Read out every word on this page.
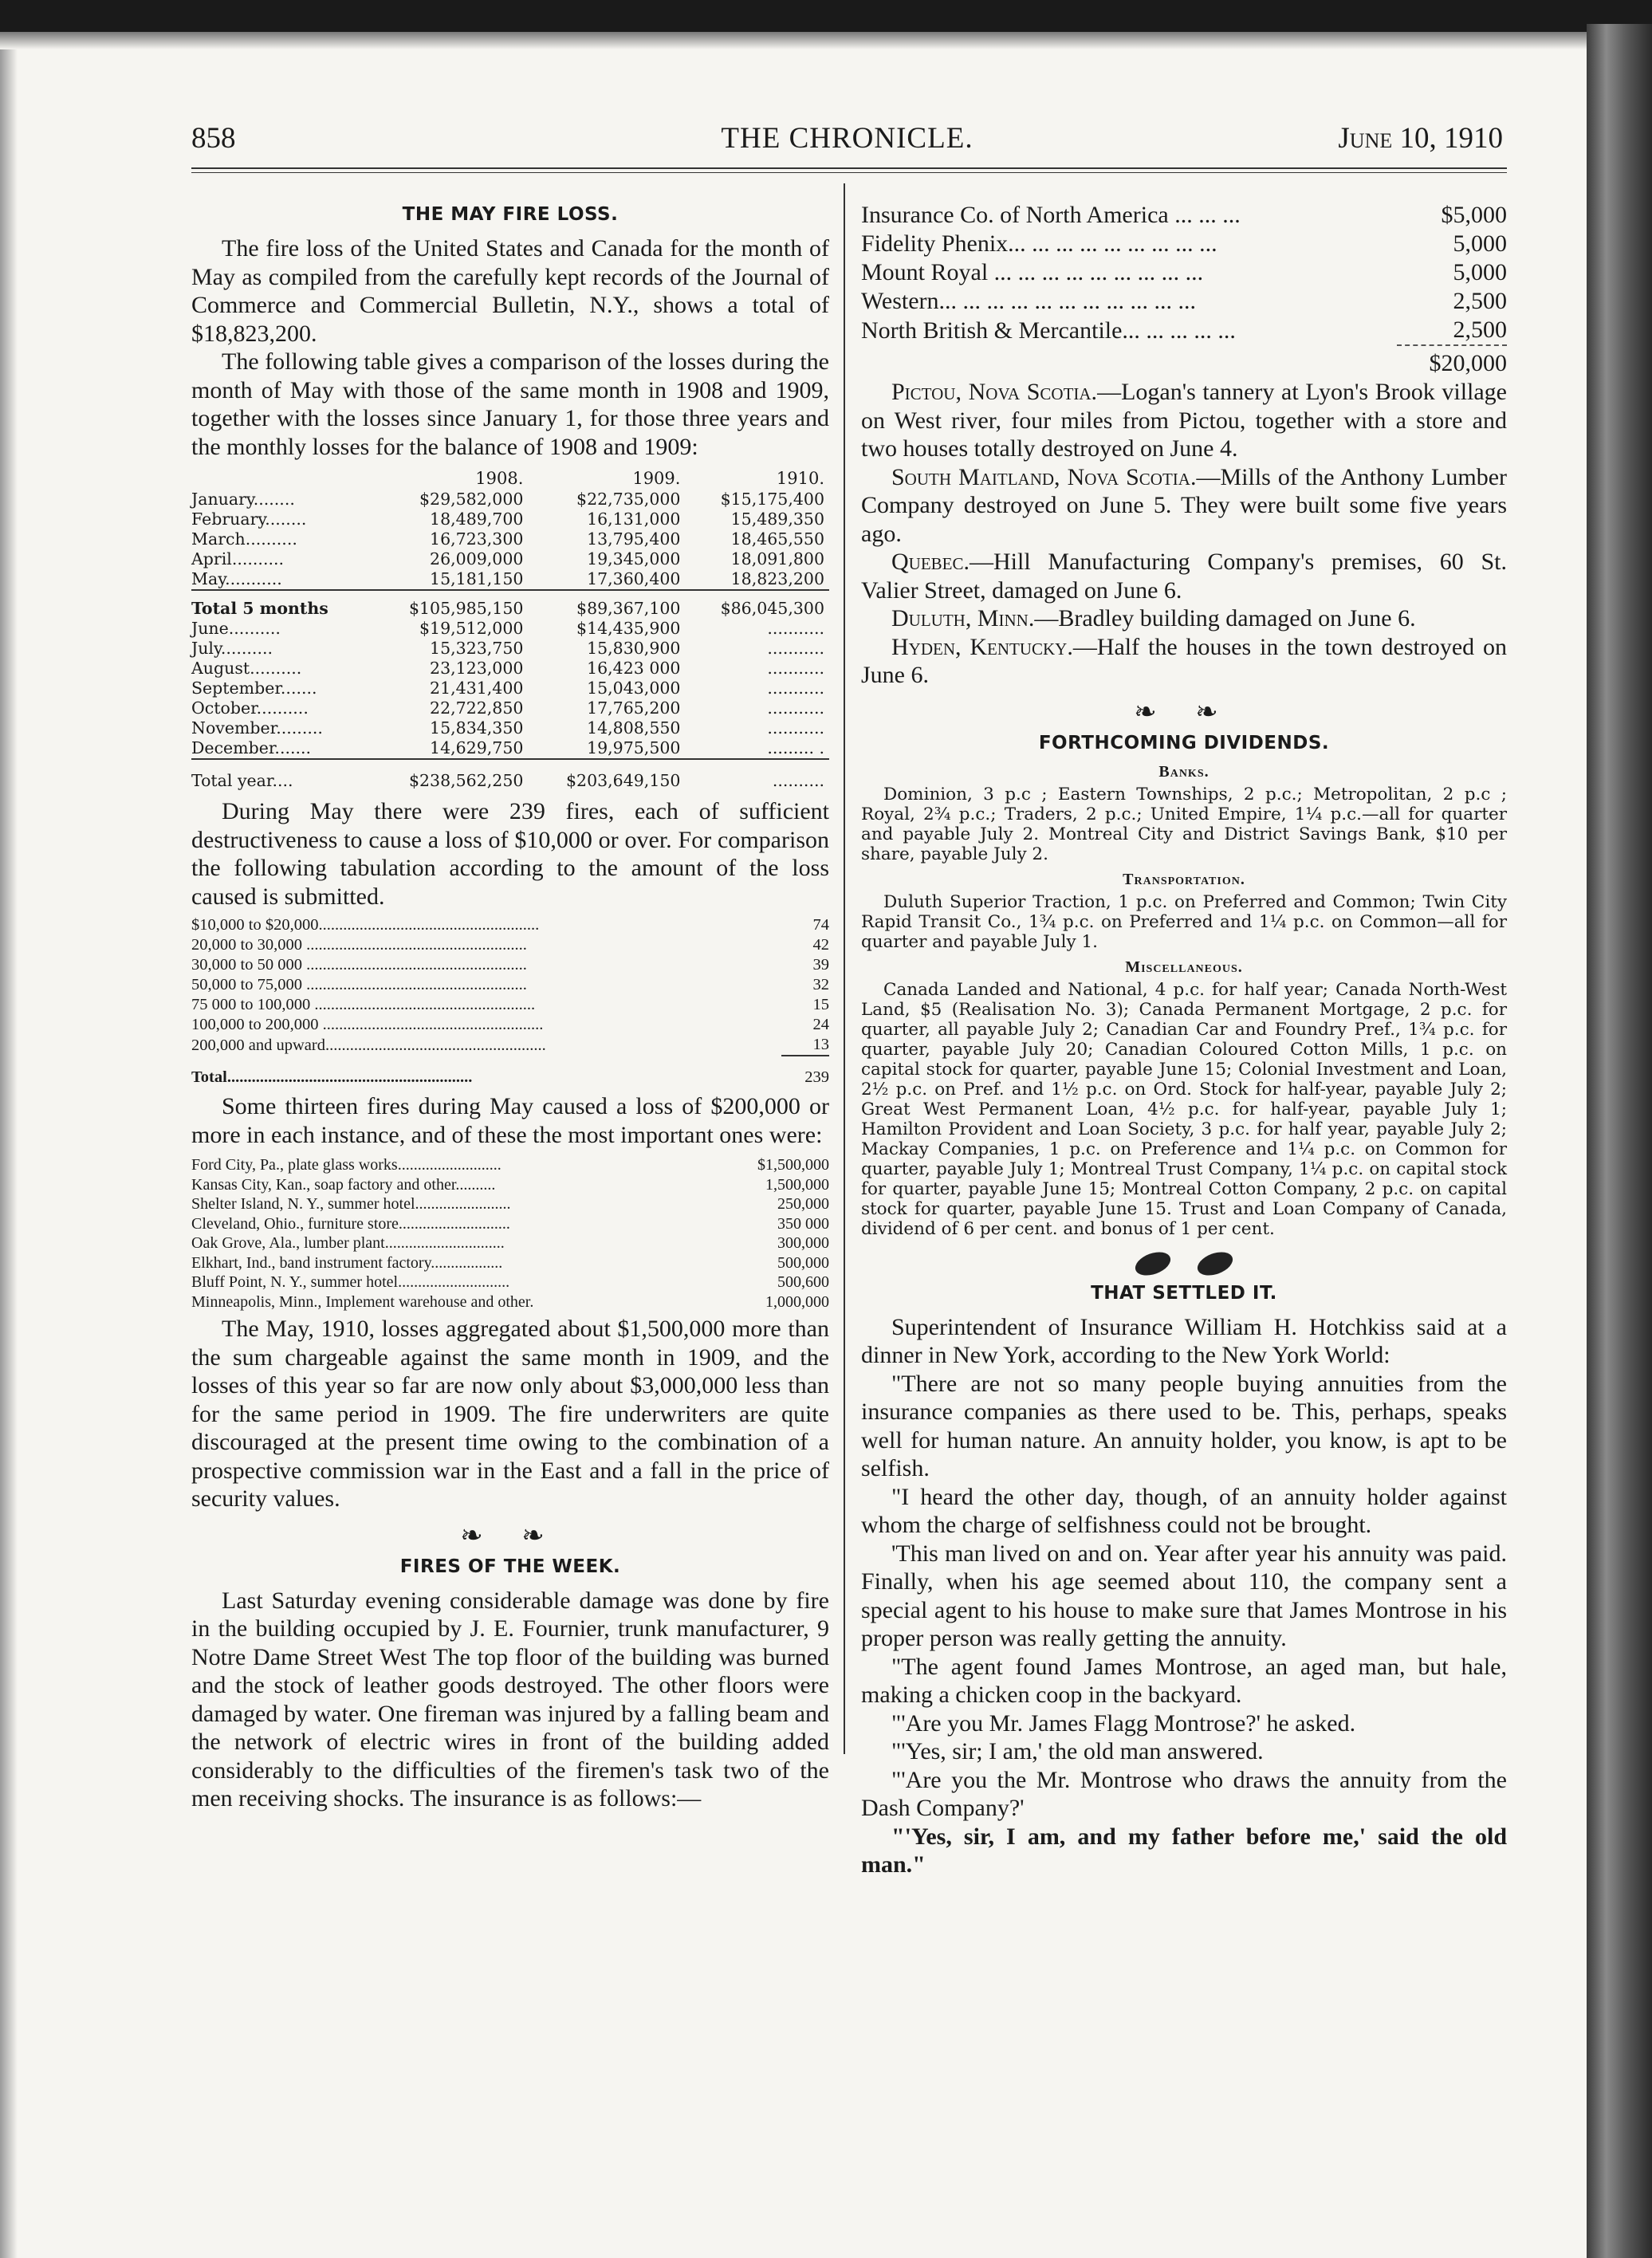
858	THE CHRONICLE.	June 10, 1910
THE MAY FIRE LOSS.

The fire loss of the United States and Canada for the month of May as compiled from the carefully kept records of the Journal of Commerce and Commercial Bulletin, N.Y., shows a total of $18,823,200.

The following table gives a comparison of the losses during the month of May with those of the same month in 1908 and 1909, together with the losses since January 1, for those three years and the monthly losses for the balance of 1908 and 1909:

	1908.	1909.	1910.
January........	$29,582,000	$22,735,000	$15,175,400
February........	18,489,700	16,131,000	15,489,350
March..........	16,723,300	13,795,400	18,465,550
April..........	26,009,000	19,345,000	18,091,800
May...........	15,181,150	17,360,400	18,823,200
Total 5 months	$105,985,150	$89,367,100	$86,045,300
June..........	$19,512,000	$14,435,900	...........
July..........	15,323,750	15,830,900	...........
August..........	23,123,000	16,423 000	...........
September.......	21,431,400	15,043,000	...........
October..........	22,722,850	17,765,200	...........
November.........	15,834,350	14,808,550	...........
December.......	14,629,750	19,975,500	......... .
Total year....	$238,562,250	$203,649,150	..........

During May there were 239 fires, each of sufficient destructiveness to cause a loss of $10,000 or over. For comparison the following tabulation according to the amount of the loss caused is submitted.

$10,000 to $20,000......................................................	74
20,000 to 30,000 ......................................................	42
30,000 to 50 000 ......................................................	39
50,000 to 75,000 ......................................................	32
75 000 to 100,000 ......................................................	15
100,000 to 200,000 ......................................................	24
200,000 and upward......................................................	13
Total............................................................	239

Some thirteen fires during May caused a loss of $200,000 or more in each instance, and of these the most important ones were:

Ford City, Pa., plate glass works..........................	$1,500,000
Kansas City, Kan., soap factory and other..........	1,500,000
Shelter Island, N. Y., summer hotel........................	250,000
Cleveland, Ohio., furniture store............................	350 000
Oak Grove, Ala., lumber plant..............................	300,000
Elkhart, Ind., band instrument factory..................	500,000
Bluff Point, N. Y., summer hotel............................	500,600
Minneapolis, Minn., Implement warehouse and other.	1,000,000

The May, 1910, losses aggregated about $1,500,000 more than the sum chargeable against the same month in 1909, and the losses of this year so far are now only about $3,000,000 less than for the same period in 1909. The fire underwriters are quite discouraged at the present time owing to the combination of a prospective commission war in the East and a fall in the price of security values.

❧ ❧
FIRES OF THE WEEK.

Last Saturday evening considerable damage was done by fire in the building occupied by J. E. Fournier, trunk manufacturer, 9 Notre Dame Street West The top floor of the building was burned and the stock of leather goods destroyed. The other floors were damaged by water. One fireman was injured by a falling beam and the network of electric wires in front of the building added considerably to the difficulties of the firemen's task two of the men receiving shocks. The insurance is as follows:—

Insurance Co. of North America ... ... ...	$5,000
Fidelity Phenix... ... ... ... ... ... ... ... ...	5,000
Mount Royal ... ... ... ... ... ... ... ... ...	5,000
Western... ... ... ... ... ... ... ... ... ... ...	2,500
North British & Mercantile... ... ... ... ...	2,500
	$20,000

Pictou, Nova Scotia.—Logan's tannery at Lyon's Brook village on West river, four miles from Pictou, together with a store and two houses totally destroyed on June 4.

South Maitland, Nova Scotia.—Mills of the Anthony Lumber Company destroyed on June 5. They were built some five years ago.

Quebec.—Hill Manufacturing Company's premises, 60 St. Valier Street, damaged on June 6.

Duluth, Minn.—Bradley building damaged on June 6.

Hyden, Kentucky.—Half the houses in the town destroyed on June 6.

❧ ❧
FORTHCOMING DIVIDENDS.
Banks.

Dominion, 3 p.c ; Eastern Townships, 2 p.c.; Metropolitan, 2 p.c ; Royal, 2¾ p.c.; Traders, 2 p.c.; United Empire, 1¼ p.c.—all for quarter and payable July 2. Montreal City and District Savings Bank, $10 per share, payable July 2.

Transportation.

Duluth Superior Traction, 1 p.c. on Preferred and Common; Twin City Rapid Transit Co., 1¾ p.c. on Preferred and 1¼ p.c. on Common—all for quarter and payable July 1.

Miscellaneous.

Canada Landed and National, 4 p.c. for half year; Canada North-West Land, $5 (Realisation No. 3); Canada Permanent Mortgage, 2 p.c. for quarter, all payable July 2; Canadian Car and Foundry Pref., 1¾ p.c. for quarter, payable July 20; Canadian Coloured Cotton Mills, 1 p.c. on capital stock for quarter, payable June 15; Colonial Investment and Loan, 2½ p.c. on Pref. and 1½ p.c. on Ord. Stock for half-year, payable July 2; Great West Permanent Loan, 4½ p.c. for half-year, payable July 1; Hamilton Provident and Loan Society, 3 p.c. for half year, payable July 2; Mackay Companies, 1 p.c. on Preference and 1¼ p.c. on Common for quarter, payable July 1; Montreal Trust Company, 1¼ p.c. on capital stock for quarter, payable June 15; Montreal Cotton Company, 2 p.c. on capital stock for quarter, payable June 15. Trust and Loan Company of Canada, dividend of 6 per cent. and bonus of 1 per cent.

THAT SETTLED IT.

Superintendent of Insurance William H. Hotchkiss said at a dinner in New York, according to the New York World:

"There are not so many people buying annuities from the insurance companies as there used to be. This, perhaps, speaks well for human nature. An annuity holder, you know, is apt to be selfish.

"I heard the other day, though, of an annuity holder against whom the charge of selfishness could not be brought.

'This man lived on and on. Year after year his annuity was paid. Finally, when his age seemed about 110, the company sent a special agent to his house to make sure that James Montrose in his proper person was really getting the annuity.

"The agent found James Montrose, an aged man, but hale, making a chicken coop in the backyard.

"'Are you Mr. James Flagg Montrose?' he asked.

"'Yes, sir; I am,' the old man answered.

"'Are you the Mr. Montrose who draws the annuity from the Dash Company?'

"'Yes, sir, I am, and my father before me,' said the old man."
